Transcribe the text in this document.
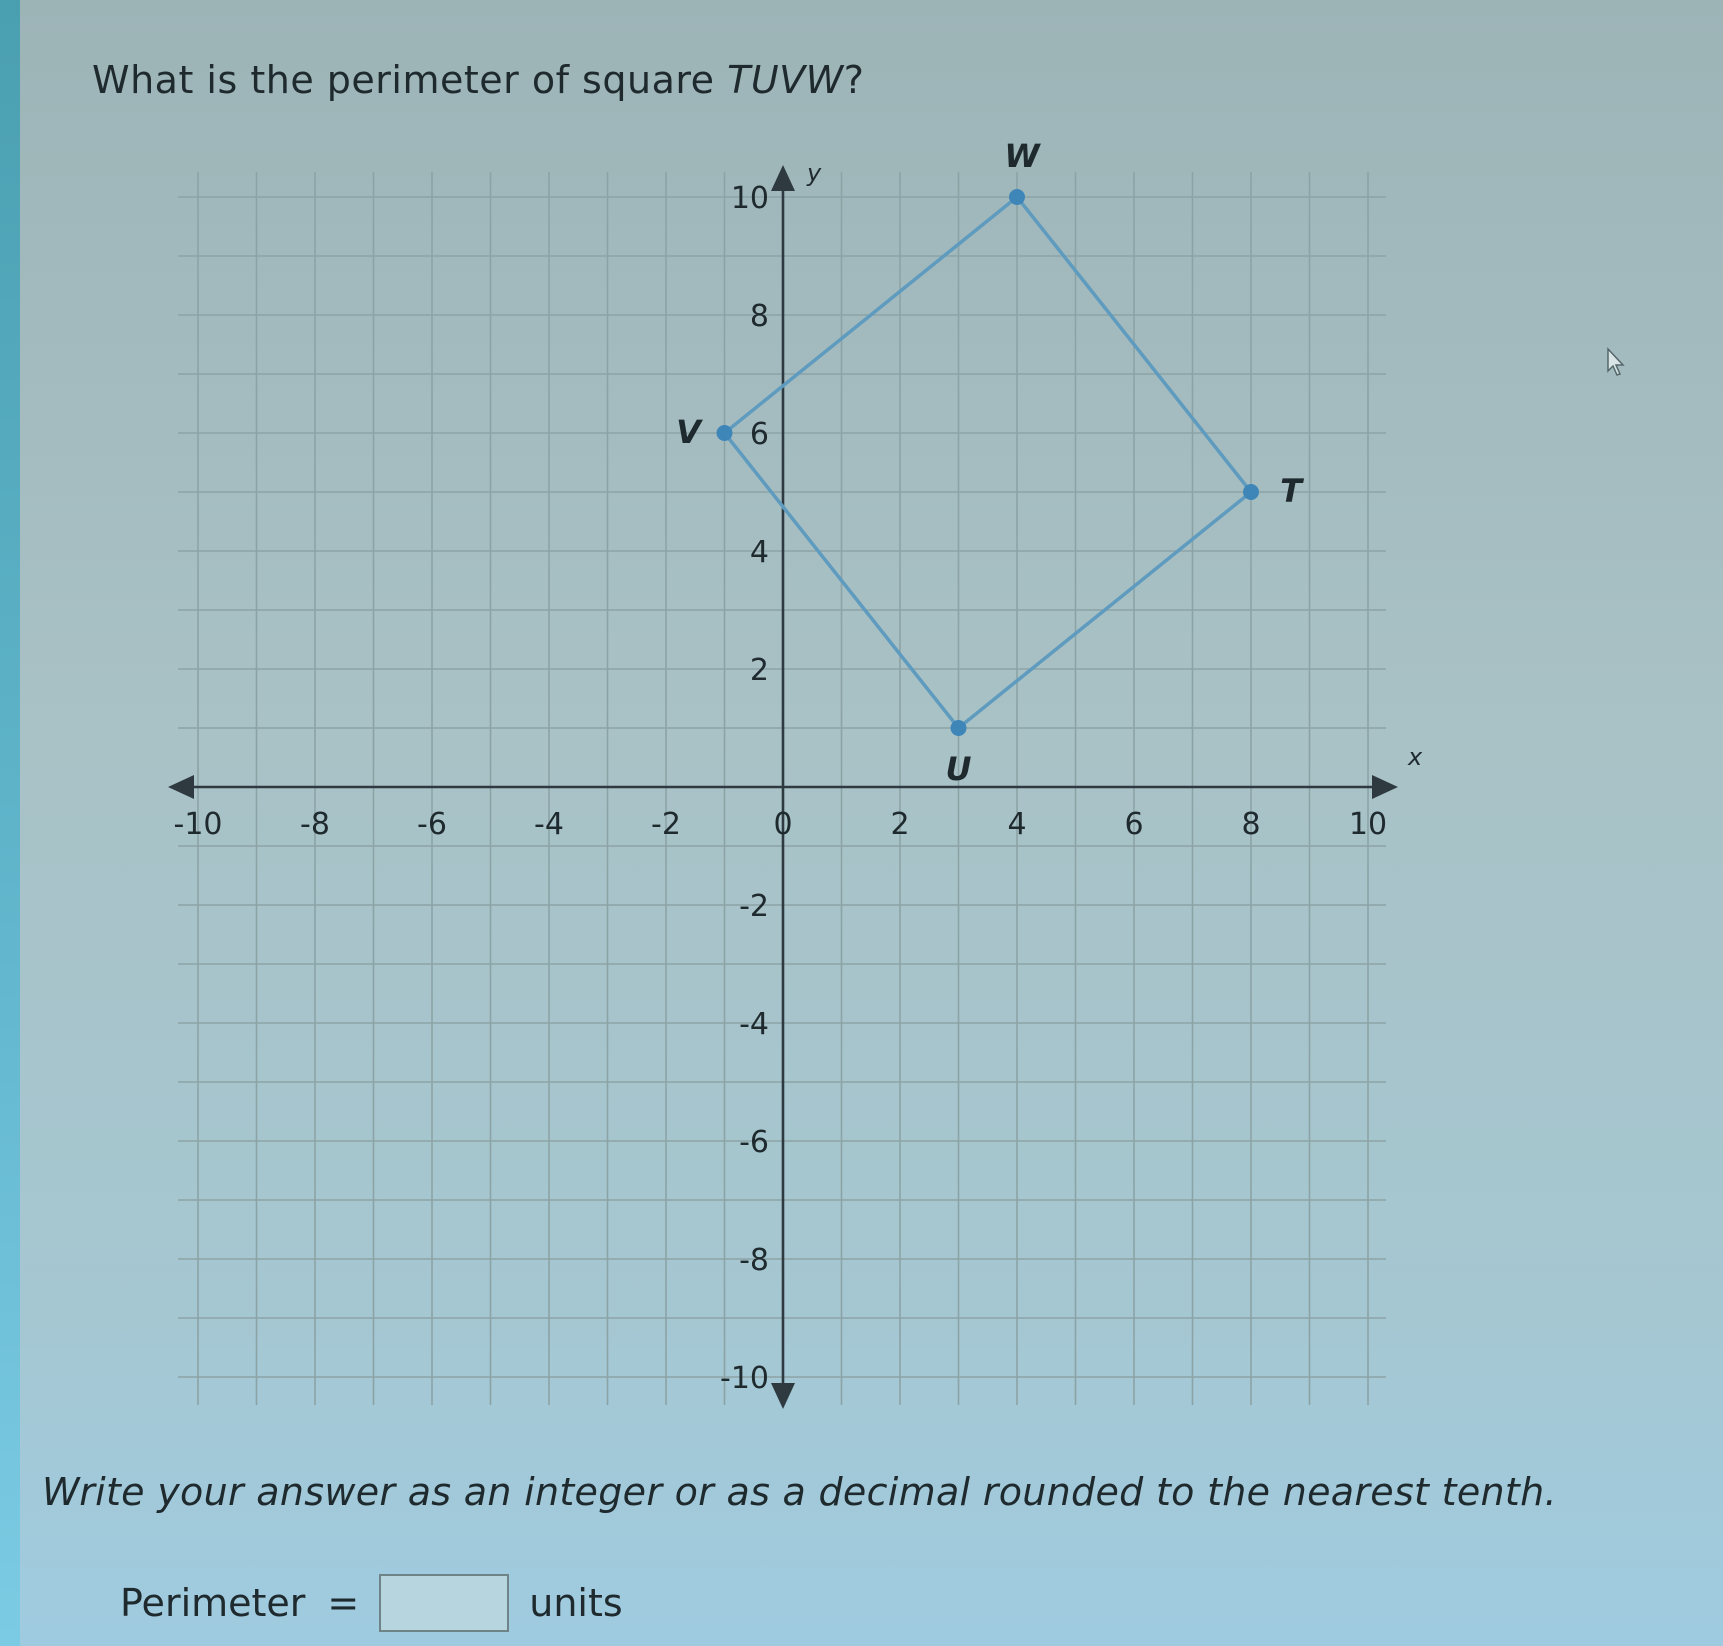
What is the perimeter of square TUVW?
x
y
-10	-8	-6	-4	-2	0	2	4	6	8	10
10
8
6
4
2
-2
-4
-6
-8
-10
T
U
V
W
Write your answer as an integer or as a decimal rounded to the nearest tenth.
Perimeter =	units
